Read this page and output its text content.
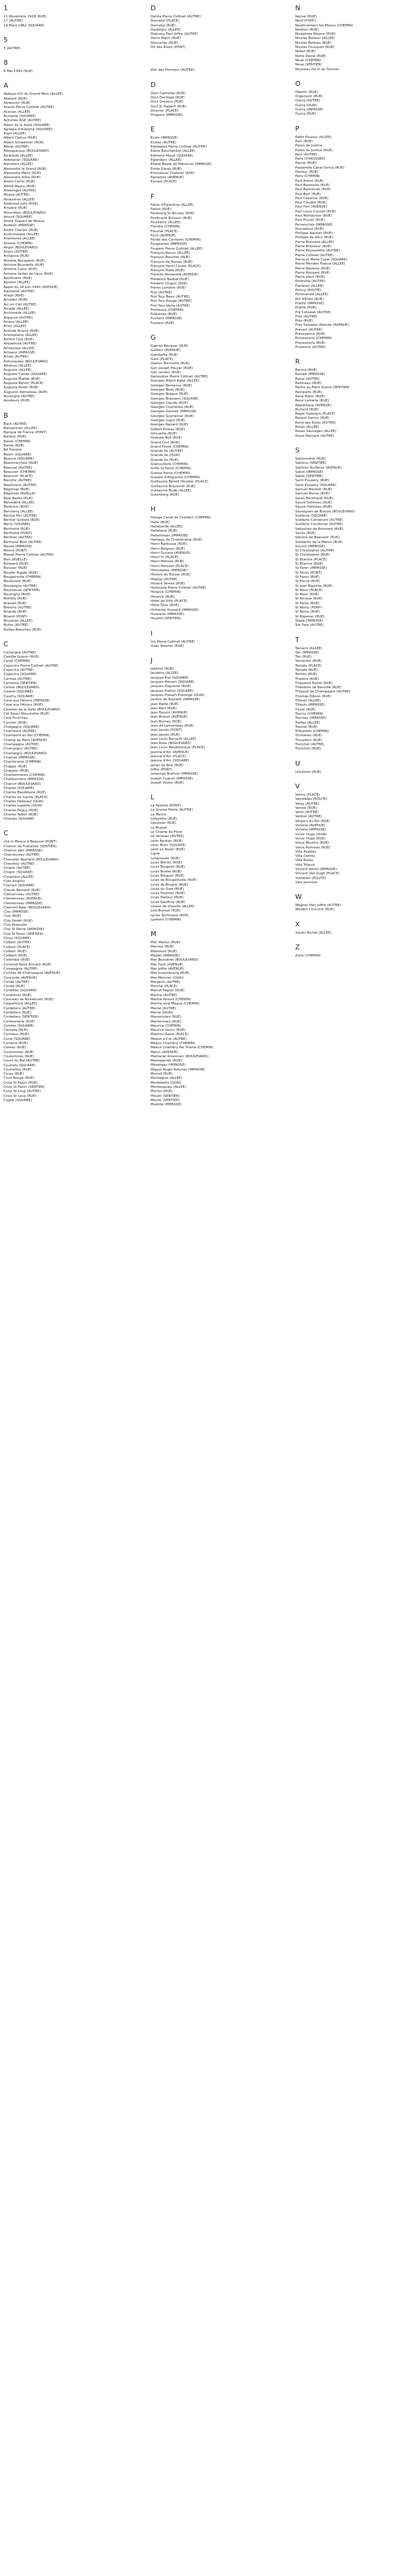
1
11 Novembre 1918 (RUE)
17 (AUTRE)
19 Mars 1962 (SQUARE)
5
5 (AUTRE)
8
8 Mai 1945 (RUE)
A
Abbaye-d'Ô du Grand Marc (ALLÉE)
Abelard (RUE)
Abreuvoir (RUE)
Acacia Pierre Collinet (AUTRE)
Acacias (ALLÉE)
Acropole (SQUARE)
Activités RGE (AUTRE)
Adam de la Halle (SQUARE)
Agrippa d'Aubigné (SQUARE)
Alain (ALLÉE)
Albert Camus (RUE)
Albert Schweitzer (RUE)
Albrat (AUTRE)
Albuquerque (BOULEVARD)
Alcibiade (ALLÉE)
Aldebaran (SQUARE)
Alembert (ALLÉE)
Alexandre le Grand (RUE)
Alexandre Ménil (RUE)
Alexandre Volta (RUE)
Alexis Carrel (RUE)
Alfred Maury (RUE)
Allobroges (AUTRE)
Alsace (AUTRE)
Amazones (ALLÉE)
Ambroise Jully (RUE)
Ampère (RUE)
Amundsen (BOULEVARD)
Amyot (SQUARE)
André Dupont de Meaux
Andelot (IMPASSE)
André Chenier (RUE)
Andromaque (ALLÉE)
Anemones (ALLÉE)
Anesse (CHEMIN)
Angot (BOULEVARD)
Anjou (AUTRE)
Antigone (RUE)
Antoine Becquerel (RUE)
Antoine Bourdelle (RUE)
Antoine Carre (RUE)
Antoine Veillet de Vaux (RUE)
Apollinaire (RUE)
Apollon (ALLÉE)
Appel du 18 Juin 1940 (AVENUE)
Aquitaine (AUTRE)
Arago (RUE)
Arcades (RUE)
Arc en Ciel (AUTRE)
Arcade (ALLÉE)
Archimède (ALLÉE)
Argonne (AUTRE)
Ariane (ALLÉE)
Arion (ALLÉE)
Aristide Briand (RUE)
Aristophane (ALLÉE)
Arrière Clos (RUE)
Arquebuse (AUTRE)
Arthémise (ALLÉE)
Artisans (IMPASSE)
Artois (AUTRE)
Astronautes (BOULEVARD)
Athénes (ALLÉE)
Auguste (ALLÉE)
Auguste Comte (SQUARE)
Auguste Maillet (RUE)
Auguste Renoir (PLACE)
Auguste Rodin (RUE)
Augustin Demoreau (RUE)
Auvergne (AUTRE)
Aviateurs (RUE)
B
Bach (AUTRE)
Balsamines (ALLÉE)
Banque de France (PONT)
Barjery (RUE)
Basse (CHEMIN)
Basse (RUE)
Bd Flandre
Béarn (SQUARE)
Beauce (SQUARE)
Beaumarchais (RUE)
Beauval (AUTRE)
Beauvoir (CHEMIN)
Beauvoir (PLACE)
Bécotte (AUTRE)
Beethoven (AUTRE)
Bégonias (RUE)
Bégonias (RUELLE)
Bele Banks (RUE)
Belvédère (ALLÉE)
Bérénice (RUE)
Bercheny (ALLÉE)
Berlioz Pan (AUTRE)
Bernier Godard (RUE)
Berry (SQUARE)
Berthelot (RUE)
Berthelot (PONT)
Berthier (AUTRE)
Bertrand Blier (AUTRE)
Beuve (IMPASSE)
Bièvre (PONT)
Bleuet Pierre Collinet (AUTRE)
Bois (RUELLE)
Boissard (RUE)
Boissier (RUE)
Bouder Ruppe (RUE)
Bougainville (CHEMIN)
Boulevard (RUE)
Bourgogne (AUTRE)
Bourneuve (SENTIER)
Bourrigny (RUE)
Brénilly (RUE)
Brassel (RUE)
Bretons (AUTRE)
Briands (RUE)
Briand (PONT)
Bruyeres (ALLÉE)
Bufon (AUTRE)
Buttes Blanches (RUE)
C
Camargue (AUTRE)
Camille Guérin (RUE)
Canal (CHEMIN)
Capucine Pierre Collinet (AUTRE)
Capucins (AUTRE)
Capucins (SQUARE)
Carmes (AUTRE)
Carrières (SENTIER)
Certier (BOULEVARD)
Cassini (SQUARE)
Cauchy (SQUARE)
Cave aux Hérons (IMPASSE)
Cave aux Hérons (RUE)
Cavelier de la Salle (BOULEVARD)
Cdt Raoul Mouchotte (RUE)
Cent Fourches
Cerisier (RUE)
Chalgagne (SQUARE)
Chambord (AUTRE)
Chambord au Roi (CHEMIN)
Champ de Mars (AVENUE)
Champagne (AUTRE)
Champigny (AUTRE)
Champigny (BOULEVARD)
Champs (IMPASSE)
Chanteraine (CHEMIN)
Chappe (RUE)
Chappon (RUE)
Charbonnières (CHEMIN)
Charbonniers (IMPASSE)
Charcot (BOULEVARD)
Charles (SQUARE)
Charles Baudelaire (RUE)
Charles de Gaulle (PLACE)
Charles Debeauf (QUAI)
Charles Lupette (QUAI)
Charles Péguy (RUE)
Charles Tellier (RUE)
Chaules (SQUARE)
C
che in Meaux à Beauval (PONT)
Chemin de Fublaines (SENTIER)
Chemin Vert (IMPASSE)
Chenonceau (AUTRE)
Chevalier Besnard (BOULEVARD)
Cheverny (AUTRE)
Chopin (AUTRE)
Chopin (SQUARE)
Cimetière (ALLÉE)
Clair Amphis
Clairaut (SQUARE)
Claude Bernard (RUE)
Clémenceau (AUTRE)
Clémenceau (AVENUE)
Clémenceau (IMPASSE)
Clément Ader (BOULEVARD)
Clos (IMPASSE)
Clos (RUE)
Clos Godet (RUE)
Clos Pinteville
Clos St Pierre (IMPASSE)
Clos St Faron (SENTIER)
Cloux (SQUARE)
Colbert (AUTRE)
Colbert (PLACE)
Colbert (RUE)
Colibert (RUE)
Colombie (RUE)
Commdt René Brivard (RUE)
Compagnie (AUTRE)
Comtés de Champagne (AVENUE)
Concorde (AVENUE)
Condé (AUTRE)
Condé (RUE)
Condillac (SQUARE)
Condorcet (RUE)
Conneau de Richemont (RUE)
Coquelicots (ALLÉE)
Cordeliers (AUTRE)
Cordeliers (RUE)
Cordeliers (SENTIER)
Cordonnerie (RUE)
Coroles (SQUARE)
Cornelie (RUE)
Cornieux (RUE)
Corot (SQUARE)
Corteria (RUE)
Coteau (RUE)
Coulommes (RUE)
Coulommes (RUE)
Cours du Bel (AUTRE)
Courrets (SQUARE)
Courteline (RUE)
Cours (RUE)
Crois Rouge (RUE)
Croix St Faron (RUE)
Croix St Faron (SENTIER)
Croix St Loup (AUTRE)
Croix St Loup (RUE)
Cygne (SQUARE)
D
Dahlia Pierre Collinet (AUTRE)
Darnetal (PLACE)
Darnetal (RUE)
Daubigny (ALLÉE)
Debussy Parc Joffre (AUTRE)
Denis Papin (RUE)
Descartes (RUE)
Dit des Rivés (PONT)
dite des Ponniers (AUTRE)
D
Doct Calmette (RUE)
Doct Declinge (RUE)
Doct Greverv (RUE)
Doct JL Halpert (RUE)
Doumer (PLACE)
Dragons (IMPASSE)
E
Ecole (IMPASSE)
Ecoles (AUTRE)
Edelweiss Pierre Collinet (AUTRE)
Edme Bouchardon (ALLÉE)
Edmond About (SQUARE)
Églantiers (ALLÉE)
Éliane Basse de Ménorval (IMPASSE)
Émile Garay (RUE)
Emmanuel Chabrier (RUE)
Épinettes (AVENUE)
Europe (PLACE)
F
Fabre d'Églantine (ALLÉE)
Fattos (RUE)
Faubourg St Nicolas (RUE)
Ferdinand Buisson (RUE)
Feuillants (ALLÉE)
Flandre (CHEMIN)
Fleuriat (PLACE)
Foch (AVENUE)
Fonds des Carrières (CHEMIN)
Fongeanex (IMPASSE)
Fougère Pierre Collinet (ALLÉE)
François Bacon (ALLÉE)
François Boucher (RUE)
François de Tessan (RUE)
François Henri Clouet (PLACE)
François Rude (RUE)
Franklin Roosevelt (AVENUE)
Frederick Barbot (RUE)
Frédéric Chopin (RUE)
Frères Lumière (RUE)
Frot (AUTRE)
Frot Tour Beau (AUTRE)
Frot Tour Rouge (AUTRE)
Frot Tour Verte (AUTRE)
Frotteaux (CHEMIN)
Fublaines (RUE)
Fusiliers (IMPASSE)
Fustiers (RUE)
G
Gabriel Becquer (RUE)
Galliéni (AVENUE)
Gambetta (RUE)
Gare (PLACE)
Gaston Bienvelle (RUE)
Gen Joseph Pouyer (RUE)
Gén Leclerc (RUE)
Geneviève Pierre Collinet (AUTRE)
Georges Albert Babé (ALLÉE)
Georges Bernanos (RUE)
Georges Bizet (RUE)
Georges Braque (RUE)
Georges Brassens (SQUARE)
Georges Claude (RUE)
Georges Courteline (RUE)
Georges Gassies (IMPASSE)
Georges Guynemer (RUE)
Georges Lugol (RUE)
Georges Renard (RUE)
Gilbert Pineau (RUE)
Girouette (RUE)
Graham Bell (RUE)
Grand Cerf (RUE)
Grand Fossé (CHEMIN)
Grande Île (AUTRE)
Grande Île (QUAI)
Grande Île (RUE)
Grenouillère (CHEMIN)
Grille St Faron (CHEMIN)
Grosse Pierre (CHEMIN)
Guisele d'Angoulon (CHEMIN)
Guillaume Benoît Heudier (PLACE)
Guillaume Briçonnet (RUE)
Guillaume Budé (ALLÉE)
Gutenberg (RUE)
H
Halage Canal de Chalifert (CHEMIN)
Halle (RUE)
Hallebarde (ALLÉE)
Halleterie (RUE)
Haltemayer (IMPASSE)
Hameau de Chanteraine (RUE)
Henri Barbusse (RUE)
Henri Bergson (RUE)
Henri Dunant (AVENUE)
Henri IV (PLACE)
Henri Matisse (RUE)
Henri Moissan (PLACE)
Hirondelles (IMPASSE)
Honoré de Balzac (RUE)
Hôpital (AUTRE)
Horace Vernet (RUE)
Hortensia Pierre Collinet (AUTRE)
Hospice (CHEMIN)
Hospice (RUE)
Hôtel de Ville (PLACE)
Hôtel Dieu (RUE)
Huitième Hussard (IMPASSE)
Hussards (IMPASSE)
Huyard (SENTIER)
I
Iris Pierre Collinet (AUTRE)
Isaac Newton (RUE)
J
Jablinot (RUE)
Jacobins (ALLÉE)
Jacques Kiel (SQUARE)
Jacques Prévert (SQUARE)
Jacques Daguerre (RUE)
Jacques Frettot (SQUARE)
Jacques Prévert Prolongé (QUAI)
Jardins de Naslwitt (IMPASSE)
Jean Baillé (RUE)
Jean Bart (RUE)
Jean Bouvin (AVENUE)
Jean Brasse (AVENUE)
Jean Burney (RUE)
Jean de Lamonteau (RUE)
Jean Jaurès (PONT)
Jean Jaurès (RUE)
Jean Louis Barrault (ALLÉE)
Jean Rose (BOULEVARD)
Jean Louis Baudelocque (PLACE)
Jeanne d'Arc (AVENUE)
Jeanne d'Arc (PLACE)
Jeanne d'Arc (SQUARE)
Jehan de Brie (RUE)
Joffre (PONT)
Johannès Brahms (IMPASSE)
Joseph Cugnot (IMPASSE)
Joseph Vivien (RUE)
L
La Fayette (PONT)
La Grosse Pierre (AUTRE)
La Marne
Lafayette (RUE)
Lavoisier (RUE)
Le Brassé
Le Champ de Foire
Le Verseau (AUTRE)
Léon Barbier (RUE)
Léon Blum (SQUARE)
Léon Le Royer (RUE)
Ligne
Longrouser (RUE)
Louis Blériot (RUE)
Louis Bougnet (RUE)
Louis Braille (RUE)
Louis Bréguet (RUE)
Louis de Bougainville (RUE)
Louis de Broglie (RUE)
Louis du Gast (RUE)
Louis Fournier (RUE)
Louis Pasteur (RUE)
Louis Geoffroy (RUE)
Louise de Vilavilla (ALLÉE)
Luis Bunuel (RUE)
Lycée Technique (RUE)
Lyokens (CHEMIN)
M
Mac Mahon (RUE)
Macons (RUE)
Maemont (RUE)
Maillet (IMPASSE)
Mar Bessières (BOULEVARD)
Mar Foch (AVENUE)
Mar Joffre (AVENUE)
Mar Luxembourg (RUE)
Mar Monnier (QUAI)
Margerin (AUTRE)
Marché (PLACE)
Marcel Pagnol (RUE)
Marine (AUTRE)
Marine Amont (CHEMIN)
Marine aval Meaux (CHEMIN)
Marne (AUTRE)
Marne (QUAI)
Marronniers (RUE)
Marronniers (RUE)
Maurice (CHEMIN)
Maurice Genin (RUE)
Maurice Ravel (PLACE)
Meaux à Cré (AUTRE)
Meaux Chambry (CHEMIN)
Meaux Chambry Par Prairie (CHEMIN)
Melun (AVENUE)
Memorial Américain (BOULEVARD)
Messageries (RUE)
Mésanges (IMPASSE)
Miguel Angel Asturias (IMPASSE)
Moinet (RUE)
Montaigne (ALLÉE)
Montebello (QUAI)
Montesquieu (ALLÉE)
Morlon (RUE)
Moulin (SENTIER)
Moulin (SENTIER)
Mulette (IMPASSE)
N
Nerval (RUE)
Neuf (PONT)
Neufmontiers les Meaux (CHEMIN)
Newton (RUE)
Nicéphore Niepce (RUE)
Nicolas Boileau (ALLÉE)
Nicolas Boileau (RUE)
Nicolas Foucquet (RUE)
Nobel (RUE)
Notre Dame (RUE)
Noue (CHEMIN)
Noue (SENTIER)
Nouveau rte in du Tournet
O
Oberlin (RUE)
Orgemont (RUE)
Ourcq (AUTRE)
Ourcq (QUAI)
Ourcq (IMPASSE)
Ourcq (RUE)
P
Pablo Picasso (ALLÉE)
Paix (RUE)
Palais de Justice
Palais de Justice (RUE)
Parc (AUTRE)
Paris (CHAUSSÉE)
Pascal (RUE)
Passerelle Canal Ourcq (RUE)
Pasteur (RUE)
Patis (CHEMIN)
Paul Arène (RUE)
Paul Barennes (RUE)
Paul Belmondo (RUE)
Paul Bert (RUE)
Paul Cézanne (RUE)
Paul Claudel (RUE)
Paul Fort (AVENUE)
Paul Louis Courier (RUE)
Paul Mondonise (RUE)
Paul Prunet (RUE)
Pervenches (IMPASSE)
Pescadoux (RUE)
Philippe Aquilon (RUE)
Philippe de Vitry (RUE)
Pierre Bonnard (ALLÉE)
Pierre Brasseur (RUE)
Pierre Brossolette (AUTRE)
Pierre Collinet (AUTRE)
Pierre et Marie Curie (SQUARE)
Pierre Mendès France (ALLÉE)
Pierre Naveros (RUE)
Pierre Ronsard (RUE)
Pierre Vaux (RUE)
Pinteville (AUTRE)
Platanes (ALLÉE)
Poincy (ROUTE)
Pommeraie (ALLÉE)
Pot d'Étain (RUE)
Prairie (IMPASSE)
Prairie (RUE)
Pré Cotisson (AUTRE)
Pres (AUTRE)
Prés (RUE)
Prés Salvador Allende (AVENUE)
Prévert (AUTRE)
Prévoyance (RUE)
Processions (CHEMIN)
Processions (RUE)
Provence (AUTRE)
R
Racine (RUE)
Ramée (IMPASSE)
Raoul (AUTRE)
Ravineau (RUE)
Reims au Frère Grand (SENTIER)
Remparts (RUE)
René Robin (RUE)
René Lamerie (RUE)
République (AVENUE)
Richard (RUE)
Roger Salengro (PLACE)
Roland Garros (RUE)
Rond des Rives (AUTRE)
Roses (ALLÉE)
Roses Sauvages (ALLÉE)
Royal Piémont (AUTRE)
S
Sablonnière (RUE)
Sablons (SENTIER)
Sablons Teufieres (AVENUE)
Sabot (IMPASSE)
Sabot (SENTIER)
Saint Exupéry (RUE)
Saint Exupéry (SQUARE)
Samuel Beckett (RUE)
Samuel Morse (RUE)
Sarah Bernhardt (RUE)
Sauvé Delineau (RUE)
Sauvé Delineau (RUE)
Savorgnan de Brazza (BOULEVARD)
Scellerie (SQUARE)
Scellerie Compeunt (AUTRE)
Scellerie Condorcet (AUTRE)
Sebastien de Brossard (RUE)
Senlis (RUE)
Simone de Beauvoir (RUE)
Solidarité de la Marne (RUE)
Source (IMPASSE)
St Christopher (AUTRE)
St Christopher (RUE)
St Étienne (PLACE)
St Étienne (RUE)
St Faron (IMPASSE)
St Faron (PONT)
St Faron (RUE)
St Fiacre (RUE)
St Jean Baptiste (RUE)
St Maur (PLACE)
St Maur (RUE)
St Nicolas (RUE)
St Pères (RUE)
St Rémy (PONT)
St Rémy (RUE)
St Rigomer (RUE)
Stade (IMPASSE)
Ste Fare (AUTRE)
T
Tamaris (ALLÉE)
Tan (IMPASSE)
Tan (RUE)
Tanneries (RUE)
Temple (PLACE)
Temple (RUE)
Tertres (RUE)
Théâtre (RUE)
Théodore Botrel (RUE)
Théodore de Banville (RUE)
Thibaud de Champagne (AUTRE)
Thomas Edison (RUE)
Tilleuls (ALLÉE)
Tilleuls (IMPASSE)
Tissot (RUE)
Tourny (CHEMIN)
Tourney (IMPASSE)
Trèfles (ALLÉE)
Trévise (RUE)
Trilbardou (CHEMIN)
Trinitaires (RUE)
Trocadéro (RUE)
Tronchet (AUTRE)
Tronchon (RUE)
U
Ursulines (RUE)
V
Valmy (PLACE)
Varreddes (ROUTE)
Velay (AUTRE)
Venise (RUE)
Verdi (AUTRE)
Verdun (AUTRE)
Vergers du Roi (RUE)
Victoire (AVENUE)
Victoire (IMPASSE)
Victor Hugo (QUAI)
Victor Hugo (RUE)
Vieux Moulins (RUE)
Vieux Pommes (RUE)
Villa Azalées
Villa Cèdres
Villa Roses
Villa Tilleuls
Vincent Auriol (IMPASSE)
Vincent Van Gogh (PLACE)
Visitation (ROUTE)
Voie Jeroriner
W
Wagner Parc Joffre (AUTRE)
Windon Churchill (RUE)
X
Xavier Bichat (ALLÉE)
Z
Zone (CHEMIN)
